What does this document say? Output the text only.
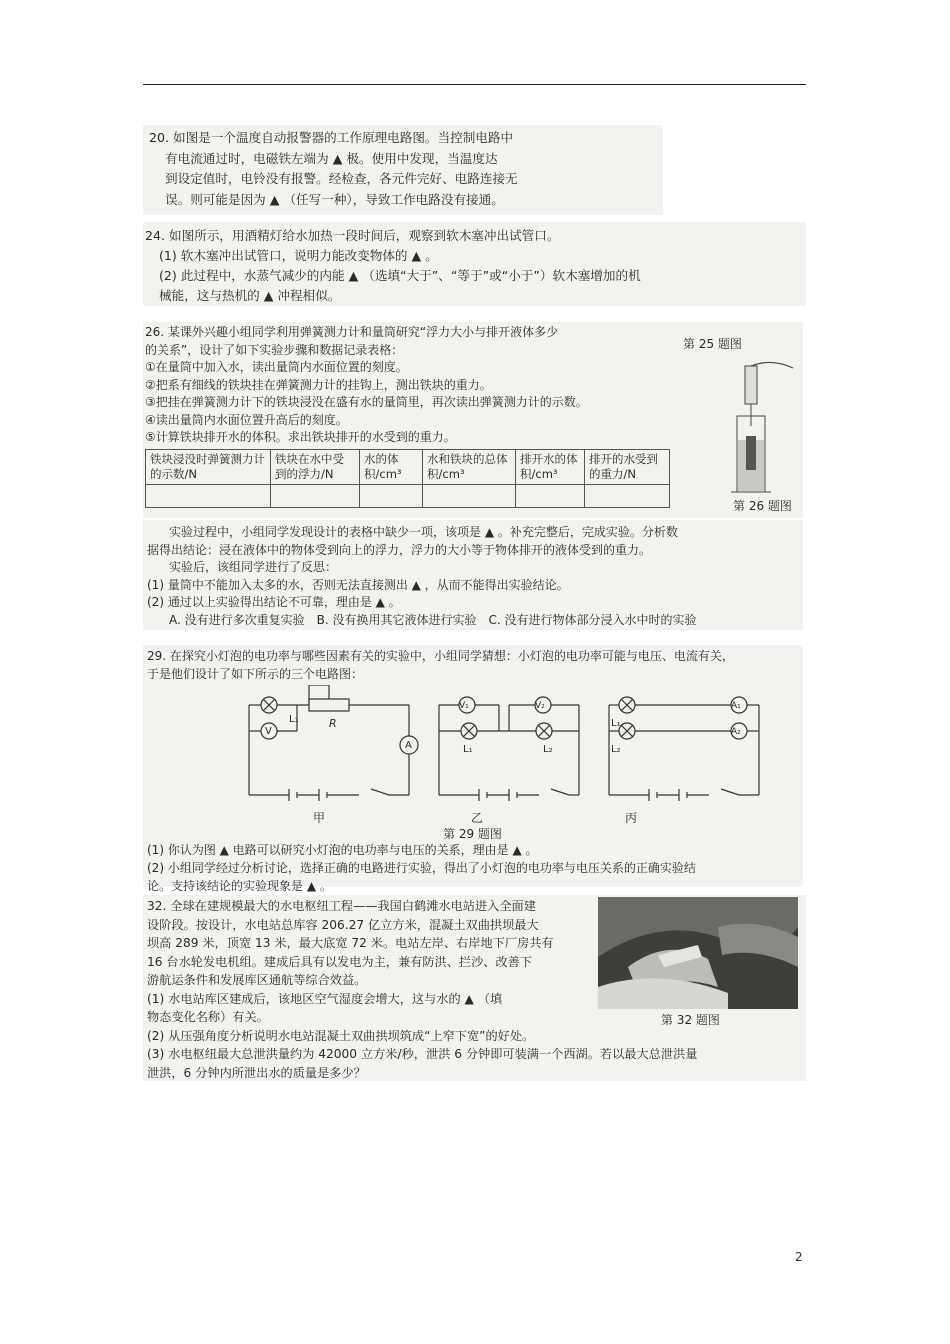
20. 如图是一个温度自动报警器的工作原理电路图。当控制电路中

有电流通过时，电磁铁左端为 ▲ 极。使用中发现，当温度达

到设定值时，电铃没有报警。经检查，各元件完好、电路连接无

误。则可能是因为 ▲ （任写一种），导致工作电路没有接通。

24. 如图所示，用酒精灯给水加热一段时间后，观察到软木塞冲出试管口。

(1) 软木塞冲出试管口，说明力能改变物体的 ▲ 。

(2) 此过程中，水蒸气减少的内能 ▲ （选填“大于”、“等于”或“小于”）软木塞增加的机

械能，这与热机的 ▲ 冲程相似。

26. 某课外兴趣小组同学利用弹簧测力计和量筒研究“浮力大小与排开液体多少

的关系”，设计了如下实验步骤和数据记录表格：

①在量筒中加入水，读出量筒内水面位置的刻度。

②把系有细线的铁块挂在弹簧测力计的挂钩上，测出铁块的重力。

③把挂在弹簧测力计下的铁块浸没在盛有水的量筒里，再次读出弹簧测力计的示数。

④读出量筒内水面位置升高后的刻度。

⑤计算铁块排开水的体积。求出铁块排开的水受到的重力。

铁块浸没时弹簧测力计的示数/N	铁块在水中受到的浮力/N	水的体积/cm³	水和铁块的总体积/cm³	排开水的体积/cm³	排开的水受到的重力/N

第 25 题图
第 26 题图

实验过程中，小组同学发现设计的表格中缺少一项，该项是 ▲ 。补充完整后，完成实验。分析数

据得出结论：浸在液体中的物体受到向上的浮力，浮力的大小等于物体排开的液体受到的重力。

实验后，该组同学进行了反思：

(1) 量筒中不能加入太多的水，否则无法直接测出 ▲ ，从而不能得出实验结论。

(2) 通过以上实验得出结论不可靠，理由是 ▲ 。

A. 没有进行多次重复实验　B. 没有换用其它液体进行实验　C. 没有进行物体部分浸入水中时的实验

29. 在探究小灯泡的电功率与哪些因素有关的实验中，小组同学猜想：小灯泡的电功率可能与电压、电流有关，

于是他们设计了如下所示的三个电路图：

L₁
V
R
A
V₁	V₂
L₁	L₂
L₁
L₂
A₁
A₂
甲	乙	丙
第 29 题图

(1) 你认为图 ▲ 电路可以研究小灯泡的电功率与电压的关系，理由是 ▲ 。

(2) 小组同学经过分析讨论，选择正确的电路进行实验，得出了小灯泡的电功率与电压关系的正确实验结

论。支持该结论的实验现象是 ▲ 。

32. 全球在建规模最大的水电枢纽工程——我国白鹤滩水电站进入全面建

设阶段。按设计，水电站总库容 206.27 亿立方米，混凝土双曲拱坝最大

坝高 289 米，顶宽 13 米，最大底宽 72 米。电站左岸、右岸地下厂房共有

16 台水轮发电机组。建成后具有以发电为主，兼有防洪、拦沙、改善下

游航运条件和发展库区通航等综合效益。

(1) 水电站库区建成后，该地区空气湿度会增大，这与水的 ▲ （填

物态变化名称）有关。

(2) 从压强角度分析说明水电站混凝土双曲拱坝筑成“上窄下宽”的好处。

(3) 水电枢纽最大总泄洪量约为 42000 立方米/秒，泄洪 6 分钟即可装满一个西湖。若以最大总泄洪量

泄洪，6 分钟内所泄出水的质量是多少？

第 32 题图
2
